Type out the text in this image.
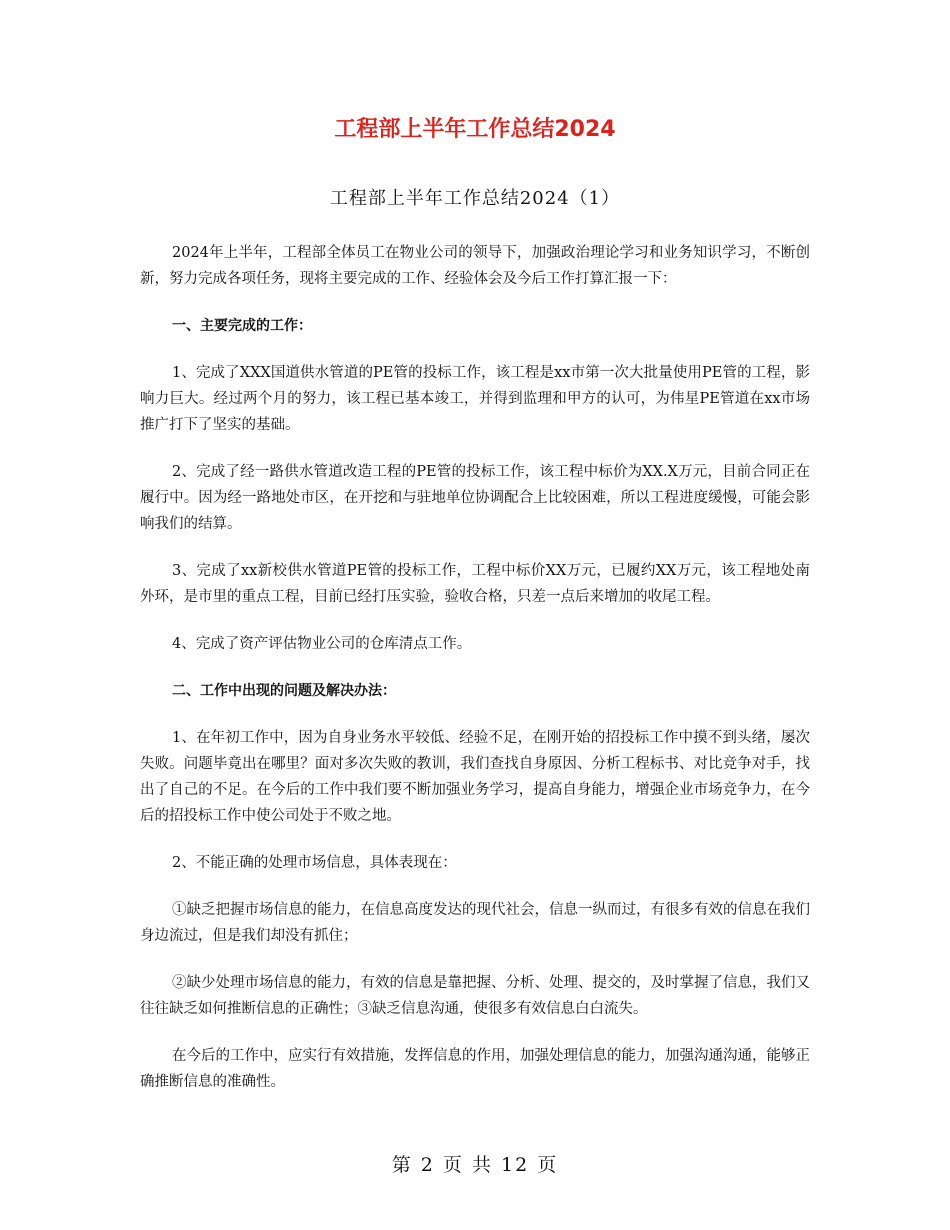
工程部上半年工作总结2024
工程部上半年工作总结2024（1）

2024年上半年，工程部全体员工在物业公司的领导下，加强政治理论学习和业务知识学习，不断创新，努力完成各项任务，现将主要完成的工作、经验体会及今后工作打算汇报一下：

一、主要完成的工作：

1、完成了XXX国道供水管道的PE管的投标工作，该工程是xx市第一次大批量使用PE管的工程，影响力巨大。经过两个月的努力，该工程已基本竣工，并得到监理和甲方的认可，为伟星PE管道在xx市场推广打下了坚实的基础。

2、完成了经一路供水管道改造工程的PE管的投标工作，该工程中标价为XX.X万元，目前合同正在履行中。因为经一路地处市区，在开挖和与驻地单位协调配合上比较困难，所以工程进度缓慢，可能会影响我们的结算。

3、完成了xx新校供水管道PE管的投标工作，工程中标价XX万元，已履约XX万元，该工程地处南外环，是市里的重点工程，目前已经打压实验，验收合格，只差一点后来增加的收尾工程。

4、完成了资产评估物业公司的仓库清点工作。

二、工作中出现的问题及解决办法：

1、在年初工作中，因为自身业务水平较低、经验不足，在刚开始的招投标工作中摸不到头绪，屡次失败。问题毕竟出在哪里？面对多次失败的教训，我们查找自身原因、分析工程标书、对比竞争对手，找出了自己的不足。在今后的工作中我们要不断加强业务学习，提高自身能力，增强企业市场竞争力，在今后的招投标工作中使公司处于不败之地。

2、不能正确的处理市场信息，具体表现在：

①缺乏把握市场信息的能力，在信息高度发达的现代社会，信息一纵而过，有很多有效的信息在我们身边流过，但是我们却没有抓住；

②缺少处理市场信息的能力，有效的信息是靠把握、分析、处理、提交的，及时掌握了信息，我们又往往缺乏如何推断信息的正确性；③缺乏信息沟通，使很多有效信息白白流失。

在今后的工作中，应实行有效措施，发挥信息的作用，加强处理信息的能力，加强沟通沟通，能够正确推断信息的准确性。

第 2 页 共 12 页
